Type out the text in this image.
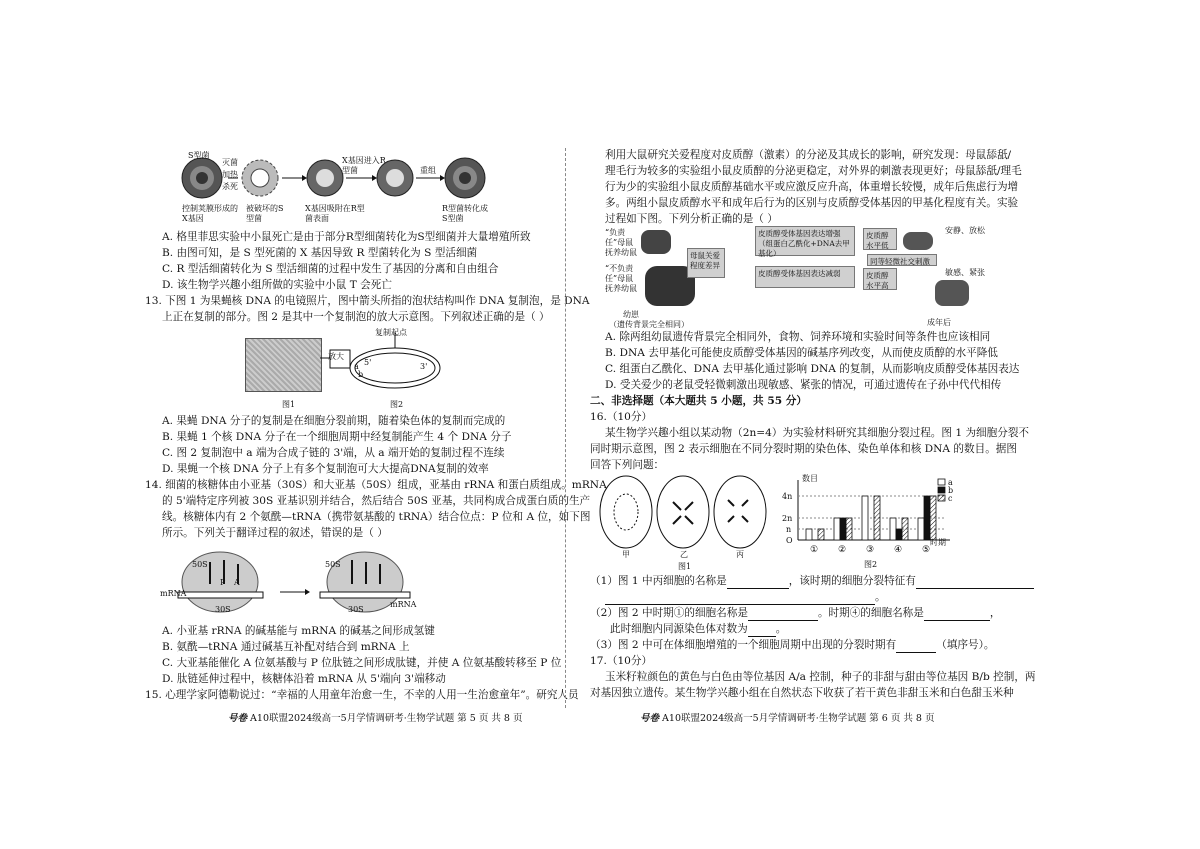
S型菌
灭菌
加热
杀死
控制荚膜形成的X基因
被破坏的S型菌
X基因进入R型菌
X基因吸附在R型菌表面
重组
R型菌转化成S型菌
A. 格里菲思实验中小鼠死亡是由于部分R型细菌转化为S型细菌并大量增殖所致
B. 由图可知，是 S 型死菌的 X 基因导致 R 型菌转化为 S 型活细菌
C. R 型活细菌转化为 S 型活细菌的过程中发生了基因的分离和自由组合
D. 该生物学兴趣小组所做的实验中小鼠 T 会死亡
13. 下图 1 为果蝇核 DNA 的电镜照片，图中箭头所指的泡状结构叫作 DNA 复制泡，是 DNA
上正在复制的部分。图 2 是其中一个复制泡的放大示意图。下列叙述正确的是（ ）
放大
复制起点
a
b
5'	3'
图1	图2
A. 果蝇 DNA 分子的复制是在细胞分裂前期，随着染色体的复制而完成的
B. 果蝇 1 个核 DNA 分子在一个细胞周期中经复制能产生 4 个 DNA 分子
C. 图 2 复制泡中 a 端为合成子链的 3'端，从 a 端开始的复制过程不连续
D. 果蝇一个核 DNA 分子上有多个复制泡可大大提高DNA复制的效率
14. 细菌的核糖体由小亚基（30S）和大亚基（50S）组成，亚基由 rRNA 和蛋白质组成。mRNA
的 5'端特定序列被 30S 亚基识别并结合，然后结合 50S 亚基，共同构成合成蛋白质的生产
线。核糖体内有 2 个氨酰—tRNA（携带氨基酸的 tRNA）结合位点：P 位和 A 位，如下图
所示。下列关于翻译过程的叙述，错误的是（ ）
50S
30S
mRNA
50S
30S
mRNA
P A
A. 小亚基 rRNA 的碱基能与 mRNA 的碱基之间形成氢键
B. 氨酰—tRNA 通过碱基互补配对结合到 mRNA 上
C. 大亚基能催化 A 位氨基酸与 P 位肽链之间形成肽键，并使 A 位氨基酸转移至 P 位
D. 肽链延伸过程中，核糖体沿着 mRNA 从 5'端向 3'端移动
15. 心理学家阿德勒说过：“幸福的人用童年治愈一生，不幸的人用一生治愈童年”。研究人员
号卷 A10联盟2024级高一5月学情调研考·生物学试题 第 5 页 共 8 页
利用大鼠研究关爱程度对皮质醇（激素）的分泌及其成长的影响，研究发现：母鼠舔舐/
理毛行为较多的实验组小鼠皮质醇的分泌更稳定，对外界的刺激表现更好；母鼠舔舐/理毛
行为少的实验组小鼠皮质醇基础水平或应激反应升高，体重增长较慢，成年后焦虑行为增
多。两组小鼠皮质醇水平和成年后行为的区别与皮质醇受体基因的甲基化程度有关。实验
过程如下图。下列分析正确的是（ ）
“负责任”母鼠抚养幼鼠
“不负责任”母鼠抚养幼鼠
母鼠关爱程度差异
皮质醇受体基因表达增强（组蛋白乙酰化+DNA去甲基化）
皮质醇受体基因表达减弱
皮质醇水平低
皮质醇水平高
同等轻微社交刺激
安静、放松
敏感、紧张
幼崽
（遗传背景完全相同）	成年后
A. 除两组幼鼠遗传背景完全相同外，食物、饲养环境和实验时间等条件也应该相同
B. DNA 去甲基化可能使皮质醇受体基因的碱基序列改变，从而使皮质醇的水平降低
C. 组蛋白乙酰化、DNA 去甲基化通过影响 DNA 的复制，从而影响皮质醇受体基因表达
D. 受关爱少的老鼠受轻微刺激出现敏感、紧张的情况，可通过遗传在子孙中代代相传
二、非选择题（本大题共 5 小题，共 55 分）
16.（10分）
某生物学兴趣小组以某动物（2n=4）为实验材料研究其细胞分裂过程。图 1 为细胞分裂不
同时期示意图，图 2 表示细胞在不同分裂时期的染色体、染色单体和核 DNA 的数目。据图
回答下列问题：
甲	乙	丙
图1
① ② ③ ④ ⑤
数目
4n
2n
n
O	时期
a
b
c
图2
（1）图 1 中丙细胞的名称是	，该时期的细胞分裂特征有
。
（2）图 2 中时期①的细胞名称是	。时期④的细胞名称是	，
此时细胞内同源染色体对数为	。
（3）图 2 中可在体细胞增殖的一个细胞周期中出现的分裂时期有	（填序号）。
17.（10分）
玉米籽粒颜色的黄色与白色由等位基因 A/a 控制，种子的非甜与甜由等位基因 B/b 控制，两
对基因独立遗传。某生物学兴趣小组在自然状态下收获了若干黄色非甜玉米和白色甜玉米种
号卷 A10联盟2024级高一5月学情调研考·生物学试题 第 6 页 共 8 页
